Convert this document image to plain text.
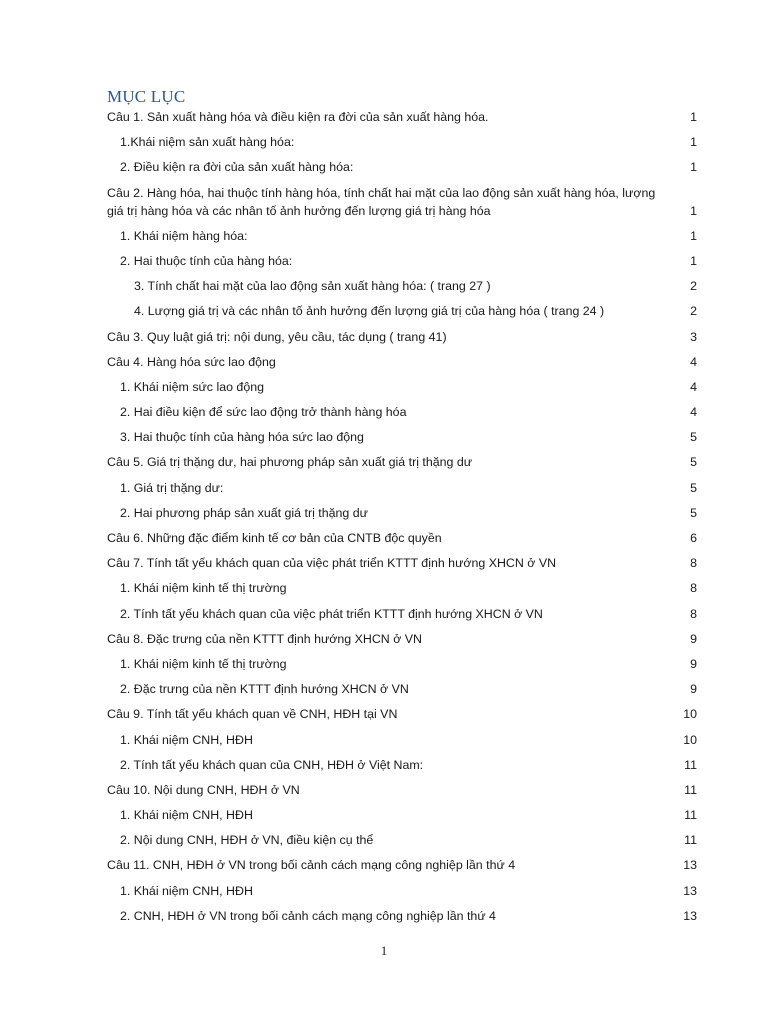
MỤC LỤC
Câu 1. Sản xuất hàng hóa và điều kiện ra đời của sản xuất hàng hóa.	1
1.Khái niệm sản xuất hàng hóa:	1
2. Điều kiện ra đời của sản xuất hàng hóa:	1
Câu 2. Hàng hóa, hai thuộc tính hàng hóa, tính chất hai mặt của lao động sản xuất hàng hóa, lượng giá trị hàng hóa và các nhân tố ảnh hưởng đến lượng giá trị hàng hóa	1
1. Khái niệm hàng hóa:	1
2. Hai thuộc tính của hàng hóa:	1
3. Tính chất hai mặt của lao động sản xuất hàng hóa: ( trang 27 )	2
4. Lượng giá trị và các nhân tố ảnh hưởng đến lượng giá trị của hàng hóa ( trang 24 )	2
Câu 3. Quy luật giá trị: nội dung, yêu cầu, tác dụng ( trang 41)	3
Câu 4. Hàng hóa sức lao động	4
1. Khái niệm sức lao động	4
2. Hai điều kiện để sức lao động trở thành hàng hóa	4
3. Hai thuộc tính của hàng hóa sức lao động	5
Câu 5. Giá trị thặng dư, hai phương pháp sản xuất giá trị thặng dư	5
1. Giá trị thặng dư:	5
2. Hai phương pháp sản xuất giá trị thặng dư	5
Câu 6. Những đặc điểm kinh tế cơ bản của CNTB độc quyền	6
Câu 7. Tính tất yếu khách quan của việc phát triển KTTT định hướng XHCN ở VN	8
1. Khái niệm kinh tế thị trường	8
2. Tính tất yếu khách quan của việc phát triển KTTT định hướng XHCN ở VN	8
Câu 8. Đặc trưng của nền KTTT định hướng XHCN ở VN	9
1. Khái niệm kinh tế thị trường	9
2. Đặc trưng của nền KTTT định hướng XHCN ở VN	9
Câu 9. Tính tất yếu khách quan về CNH, HĐH tại VN	10
1. Khái niệm CNH, HĐH	10
2. Tính tất yếu khách quan của CNH, HĐH ở Việt Nam:	11
Câu 10. Nội dung CNH, HĐH ở VN	11
1. Khái niệm CNH, HĐH	11
2. Nội dung CNH, HĐH ở VN, điều kiện cụ thể	11
Câu 11. CNH, HĐH ở VN trong bối cảnh cách mạng công nghiệp lần thứ 4	13
1. Khái niệm CNH, HĐH	13
2. CNH, HĐH ở VN trong bối cảnh cách mạng công nghiệp lần thứ 4	13
1
